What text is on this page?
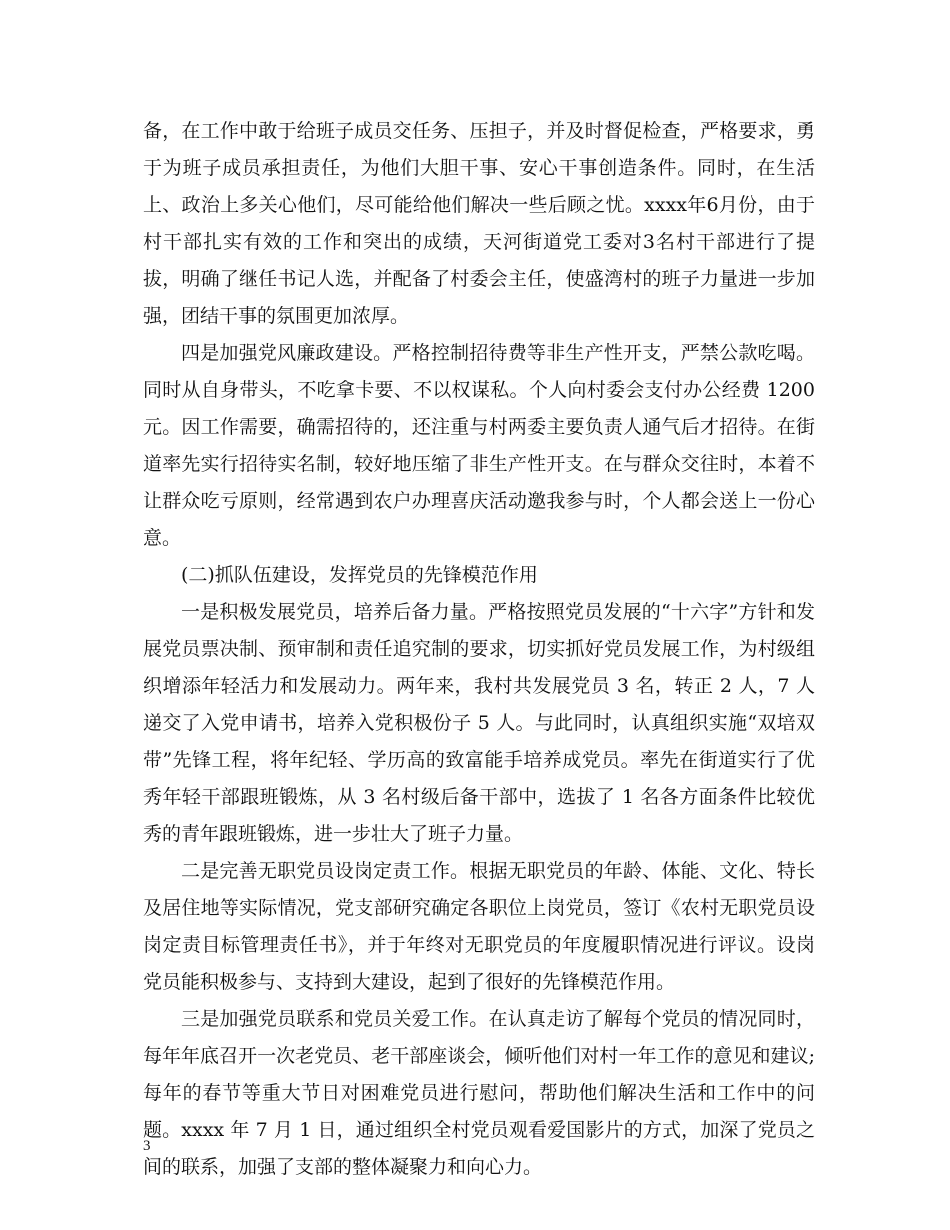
备，在工作中敢于给班子成员交任务、压担子，并及时督促检查，严格要求，勇于为班子成员承担责任，为他们大胆干事、安心干事创造条件。同时，在生活上、政治上多关心他们，尽可能给他们解决一些后顾之忧。xxxx年6月份，由于村干部扎实有效的工作和突出的成绩，天河街道党工委对3名村干部进行了提拔，明确了继任书记人选，并配备了村委会主任，使盛湾村的班子力量进一步加强，团结干事的氛围更加浓厚。

四是加强党风廉政建设。严格控制招待费等非生产性开支，严禁公款吃喝。同时从自身带头，不吃拿卡要、不以权谋私。个人向村委会支付办公经费 1200元。因工作需要，确需招待的，还注重与村两委主要负责人通气后才招待。在街道率先实行招待实名制，较好地压缩了非生产性开支。在与群众交往时，本着不让群众吃亏原则，经常遇到农户办理喜庆活动邀我参与时，个人都会送上一份心意。

(二)抓队伍建设，发挥党员的先锋模范作用

一是积极发展党员，培养后备力量。严格按照党员发展的“十六字”方针和发展党员票决制、预审制和责任追究制的要求，切实抓好党员发展工作，为村级组织增添年轻活力和发展动力。两年来，我村共发展党员 3 名，转正 2 人，7 人递交了入党申请书，培养入党积极份子 5 人。与此同时，认真组织实施“双培双带”先锋工程，将年纪轻、学历高的致富能手培养成党员。率先在街道实行了优秀年轻干部跟班锻炼，从 3 名村级后备干部中，选拔了 1 名各方面条件比较优秀的青年跟班锻炼，进一步壮大了班子力量。

二是完善无职党员设岗定责工作。根据无职党员的年龄、体能、文化、特长及居住地等实际情况，党支部研究确定各职位上岗党员，签订《农村无职党员设岗定责目标管理责任书》，并于年终对无职党员的年度履职情况进行评议。设岗党员能积极参与、支持到大建设，起到了很好的先锋模范作用。

三是加强党员联系和党员关爱工作。在认真走访了解每个党员的情况同时，每年年底召开一次老党员、老干部座谈会，倾听他们对村一年工作的意见和建议;每年的春节等重大节日对困难党员进行慰问，帮助他们解决生活和工作中的问题。xxxx 年 7 月 1 日，通过组织全村党员观看爱国影片的方式，加深了党员之间的联系，加强了支部的整体凝聚力和向心力。

3
